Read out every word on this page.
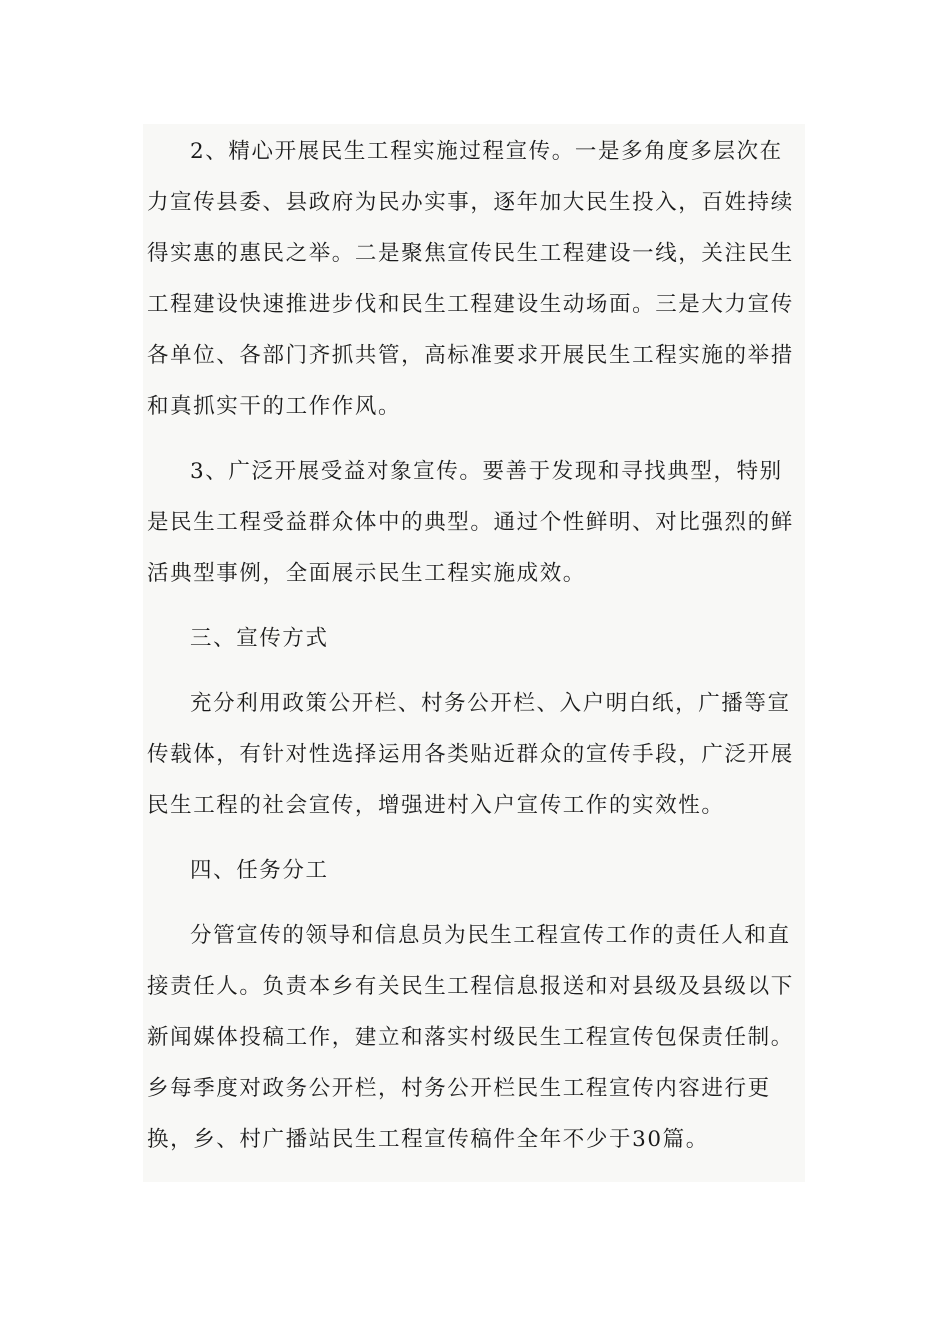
2、精心开展民生工程实施过程宣传。一是多角度多层次在力宣传县委、县政府为民办实事，逐年加大民生投入，百姓持续得实惠的惠民之举。二是聚焦宣传民生工程建设一线，关注民生工程建设快速推进步伐和民生工程建设生动场面。三是大力宣传各单位、各部门齐抓共管，高标准要求开展民生工程实施的举措和真抓实干的工作作风。

3、广泛开展受益对象宣传。要善于发现和寻找典型，特别是民生工程受益群众体中的典型。通过个性鲜明、对比强烈的鲜活典型事例，全面展示民生工程实施成效。

三、宣传方式

充分利用政策公开栏、村务公开栏、入户明白纸，广播等宣传载体，有针对性选择运用各类贴近群众的宣传手段，广泛开展民生工程的社会宣传，增强进村入户宣传工作的实效性。

四、任务分工

分管宣传的领导和信息员为民生工程宣传工作的责任人和直接责任人。负责本乡有关民生工程信息报送和对县级及县级以下新闻媒体投稿工作，建立和落实村级民生工程宣传包保责任制。乡每季度对政务公开栏，村务公开栏民生工程宣传内容进行更换，乡、村广播站民生工程宣传稿件全年不少于30篇。
